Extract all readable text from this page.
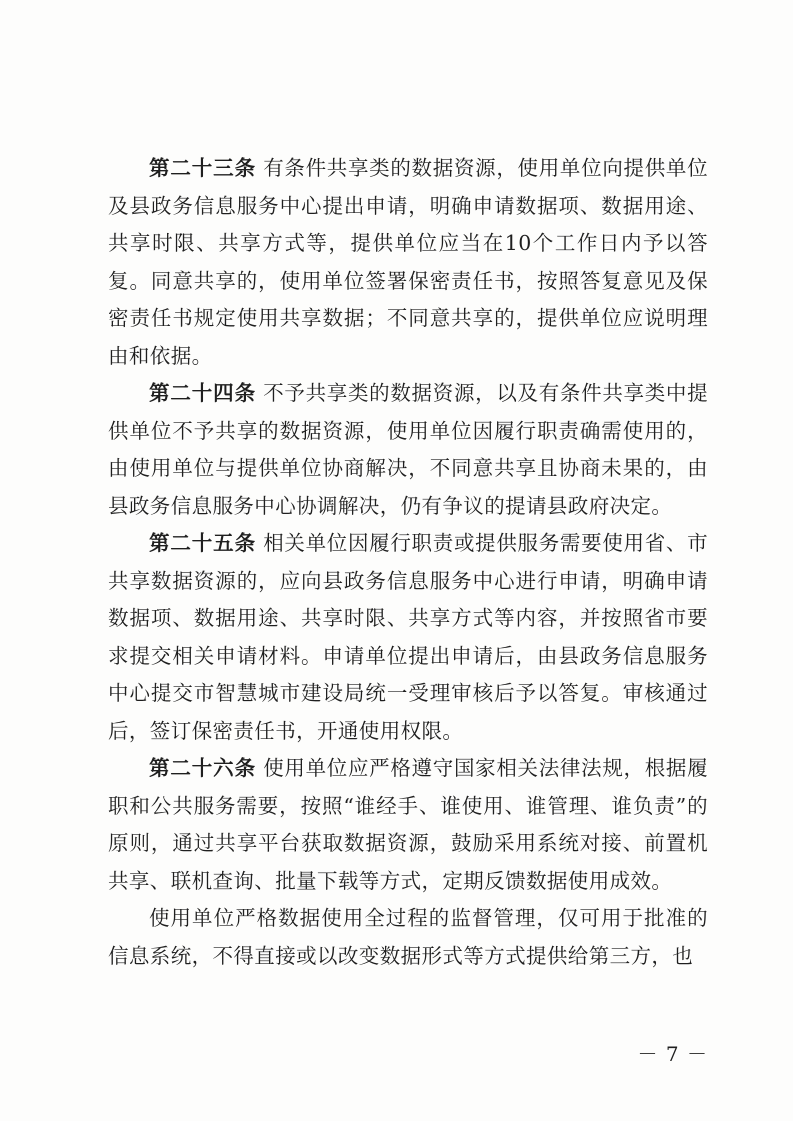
第二十三条 有条件共享类的数据资源，使用单位向提供单位及县政务信息服务中心提出申请，明确申请数据项、数据用途、共享时限、共享方式等，提供单位应当在10个工作日内予以答复。同意共享的，使用单位签署保密责任书，按照答复意见及保密责任书规定使用共享数据；不同意共享的，提供单位应说明理由和依据。

第二十四条 不予共享类的数据资源，以及有条件共享类中提供单位不予共享的数据资源，使用单位因履行职责确需使用的，由使用单位与提供单位协商解决，不同意共享且协商未果的，由县政务信息服务中心协调解决，仍有争议的提请县政府决定。

第二十五条 相关单位因履行职责或提供服务需要使用省、市共享数据资源的，应向县政务信息服务中心进行申请，明确申请数据项、数据用途、共享时限、共享方式等内容，并按照省市要求提交相关申请材料。申请单位提出申请后，由县政务信息服务中心提交市智慧城市建设局统一受理审核后予以答复。审核通过后，签订保密责任书，开通使用权限。

第二十六条 使用单位应严格遵守国家相关法律法规，根据履职和公共服务需要，按照“谁经手、谁使用、谁管理、谁负责”的原则，通过共享平台获取数据资源，鼓励采用系统对接、前置机共享、联机查询、批量下载等方式，定期反馈数据使用成效。

使用单位严格数据使用全过程的监督管理，仅可用于批准的信息系统，不得直接或以改变数据形式等方式提供给第三方，也

－ 7 －
